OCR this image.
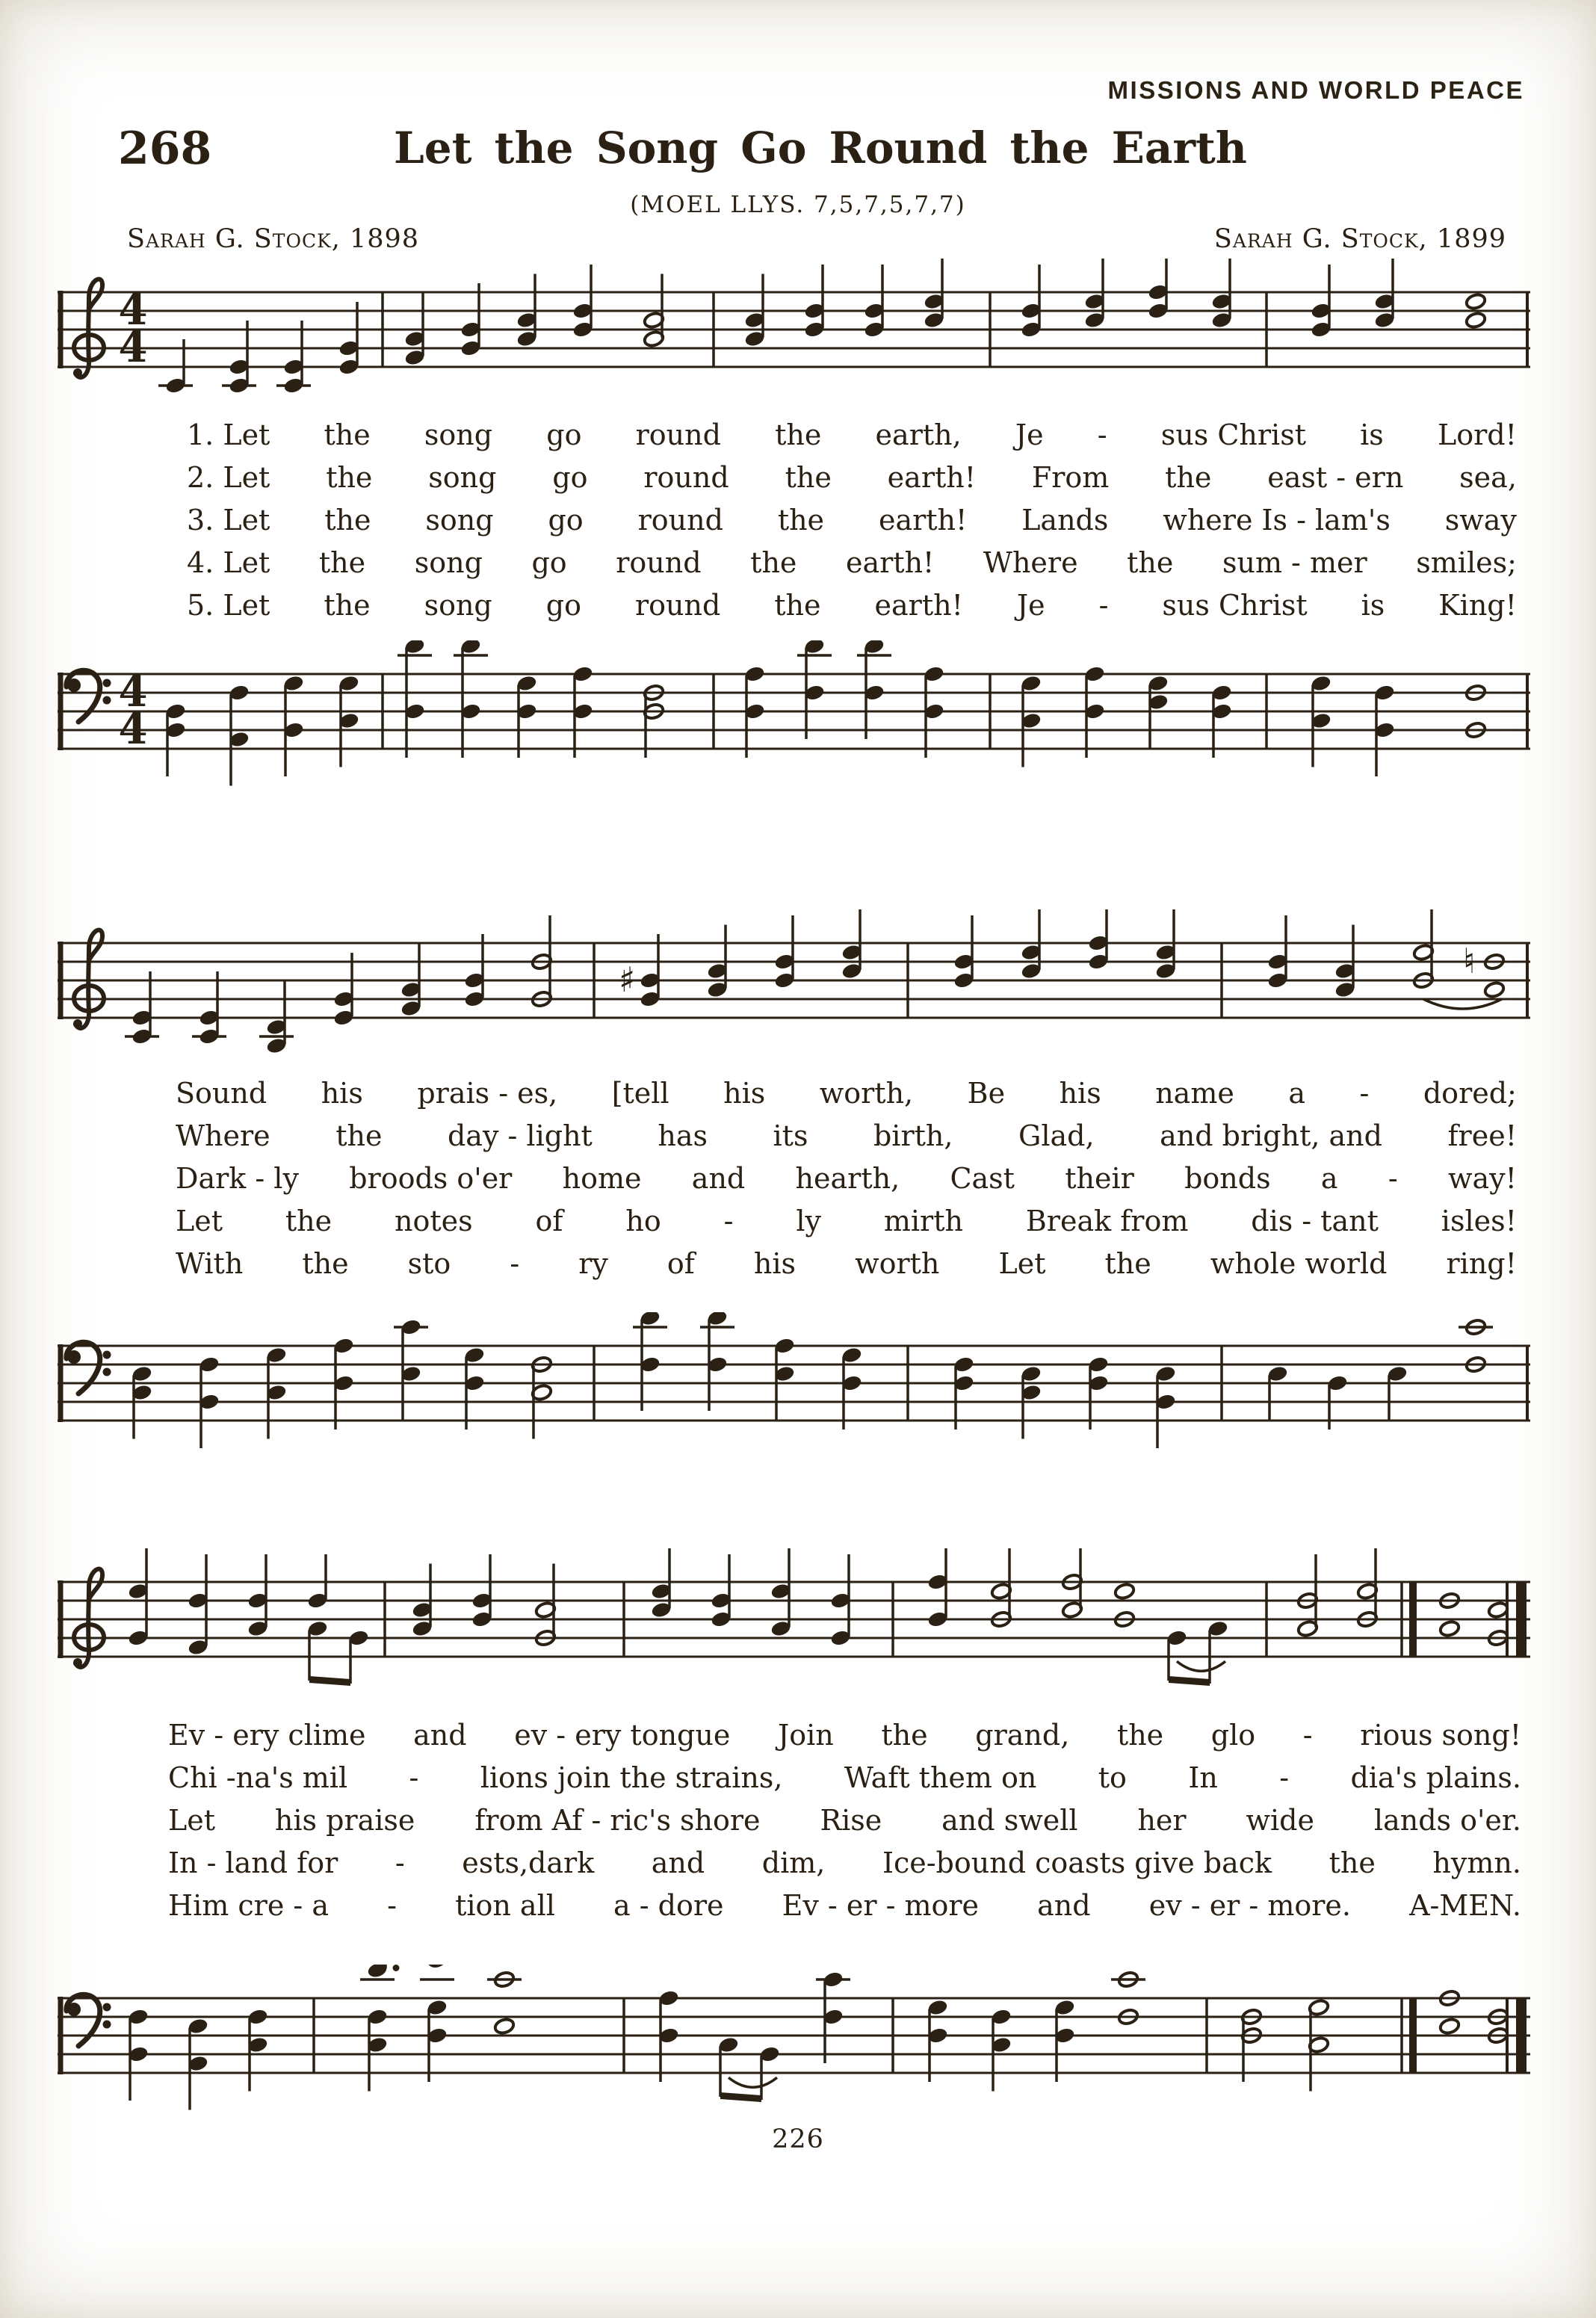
MISSIONS AND WORLD PEACE
268	Let the Song Go Round the Earth
(MOEL LLYS. 7,5,7,5,7,7)
Sarah G. Stock, 1898	Sarah G. Stock, 1899
4
4
1. Let the song go round the earth, Je - sus Christ is Lord!
2. Let the song go round the earth! From the east - ern sea,
3. Let the song go round the earth! Lands where Is - lam's sway
4. Let the song go round the earth! Where the sum - mer smiles;
5. Let the song go round the earth! Je - sus Christ is King!
4
4
♯	♮
Sound his prais - es, [tell his worth, Be his name a - dored;
Where the day - light has its birth, Glad, and bright, and free!
Dark - ly broods o'er home and hearth, Cast their bonds a - way!
Let the notes of ho - ly mirth Break from dis - tant isles!
With the sto - ry of his worth Let the whole world ring!
Ev - ery clime and ev - ery tongue Join the grand, the glo - rious song!
Chi -na's mil - lions join the strains, Waft them on to In - dia's plains.
Let his praise from Af - ric's shore Rise and swell her wide lands o'er.
In - land for - ests,dark and dim, Ice-bound coasts give back the hymn.
Him cre - a - tion all a - dore Ev - er - more and ev - er - more. A-MEN.
226
